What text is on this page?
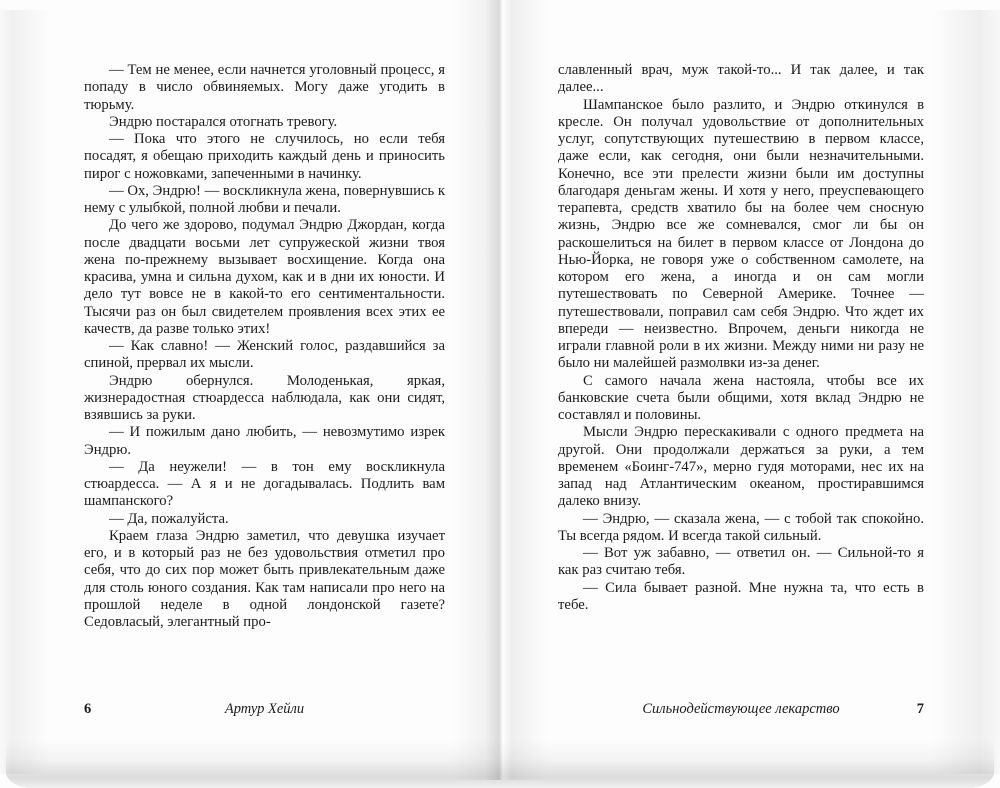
— Тем не менее, если начнется уголовный процесс, я попаду в число обвиняемых. Могу даже угодить в тюрьму.

Эндрю постарался отогнать тревогу.

— Пока что этого не случилось, но если тебя посадят, я обещаю приходить каждый день и приносить пирог с ножовками, запеченными в начинку.

— Ох, Эндрю! — воскликнула жена, повернувшись к нему с улыбкой, полной любви и печали.

До чего же здорово, подумал Эндрю Джордан, когда после двадцати восьми лет супружеской жизни твоя жена по-прежнему вызывает восхищение. Когда она красива, умна и сильна духом, как и в дни их юности. И дело тут вовсе не в какой-то его сентиментальности. Тысячи раз он был свидетелем проявления всех этих ее качеств, да разве только этих!

— Как славно! — Женский голос, раздавшийся за спиной, прервал их мысли.

Эндрю обернулся. Молоденькая, яркая, жизнерадостная стюардесса наблюдала, как они сидят, взявшись за руки.

— И пожилым дано любить, — невозмутимо изрек Эндрю.

— Да неужели! — в тон ему воскликнула стюардесса. — А я и не догадывалась. Подлить вам шампанского?

— Да, пожалуйста.

Краем глаза Эндрю заметил, что девушка изучает его, и в который раз не без удовольствия отметил про себя, что до сих пор может быть привлекательным даже для столь юного создания. Как там написали про него на прошлой неделе в одной лондонской газете? Седовласый, элегантный про-

6	Артур Хейли

славленный врач, муж такой-то... И так далее, и так далее...

Шампанское было разлито, и Эндрю откинулся в кресле. Он получал удовольствие от дополнительных услуг, сопутствующих путешествию в первом классе, даже если, как сегодня, они были незначительными. Конечно, все эти прелести жизни были им доступны благодаря деньгам жены. И хотя у него, преуспевающего терапевта, средств хватило бы на более чем сносную жизнь, Эндрю все же сомневался, смог ли бы он раскошелиться на билет в первом классе от Лондона до Нью-Йорка, не говоря уже о собственном самолете, на котором его жена, а иногда и он сам могли путешествовать по Северной Америке. Точнее — путешествовали, поправил сам себя Эндрю. Что ждет их впереди — неизвестно. Впрочем, деньги никогда не играли главной роли в их жизни. Между ними ни разу не было ни малейшей размолвки из-за денег.

С самого начала жена настояла, чтобы все их банковские счета были общими, хотя вклад Эндрю не составлял и половины.

Мысли Эндрю перескакивали с одного предмета на другой. Они продолжали держаться за руки, а тем временем «Боинг-747», мерно гудя моторами, нес их на запад над Атлантическим океаном, простиравшимся далеко внизу.

— Эндрю, — сказала жена, — с тобой так спокойно. Ты всегда рядом. И всегда такой сильный.

— Вот уж забавно, — ответил он. — Сильной-то я как раз считаю тебя.

— Сила бывает разной. Мне нужна та, что есть в тебе.

Сильнодействующее лекарство	7
